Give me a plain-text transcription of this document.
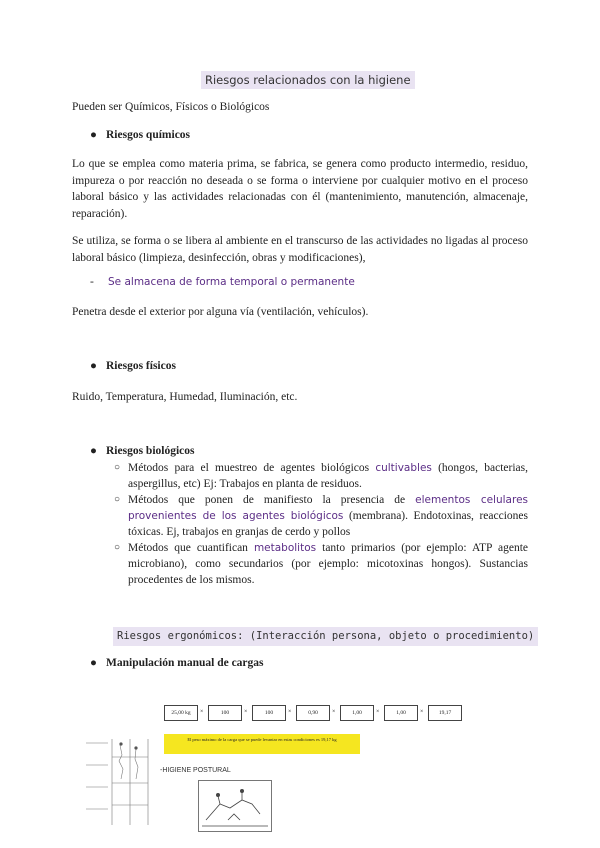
Riesgos relacionados con la higiene
Pueden ser Químicos, Físicos o Biológicos
● Riesgos químicos
Lo que se emplea como materia prima, se fabrica, se genera como producto intermedio, residuo, impureza o por reacción no deseada o se forma o interviene por cualquier motivo en el proceso laboral básico y las actividades relacionadas con él (mantenimiento, manutención, almacenaje, reparación).
Se utiliza, se forma o se libera al ambiente en el transcurso de las actividades no ligadas al proceso laboral básico (limpieza, desinfección, obras y modificaciones),
- Se almacena de forma temporal o permanente
Penetra desde el exterior por alguna vía (ventilación, vehículos).
● Riesgos físicos
Ruido, Temperatura, Humedad, Iluminación, etc.
● Riesgos biológicos
○ Métodos para el muestreo de agentes biológicos cultivables (hongos, bacterias, aspergillus, etc) Ej: Trabajos en planta de residuos.
○ Métodos que ponen de manifiesto la presencia de elementos celulares provenientes de los agentes biológicos (membrana). Endotoxinas, reacciones tóxicas. Ej, trabajos en granjas de cerdo y pollos
○ Métodos que cuantifican metabolitos tanto primarios (por ejemplo: ATP agente microbiano), como secundarios (por ejemplo: micotoxinas hongos). Sustancias procedentes de los mismos.
Riesgos ergonómicos: (Interacción persona, objeto o procedimiento)
● Manipulación manual de cargas
25,00 kg	×	100	×	100	×	0,90	×	1,00	×	1,00	×	19,17
El peso máximo de la carga que se puede levantar en estas condiciones es 19,17 kg
-HIGIENE POSTURAL
